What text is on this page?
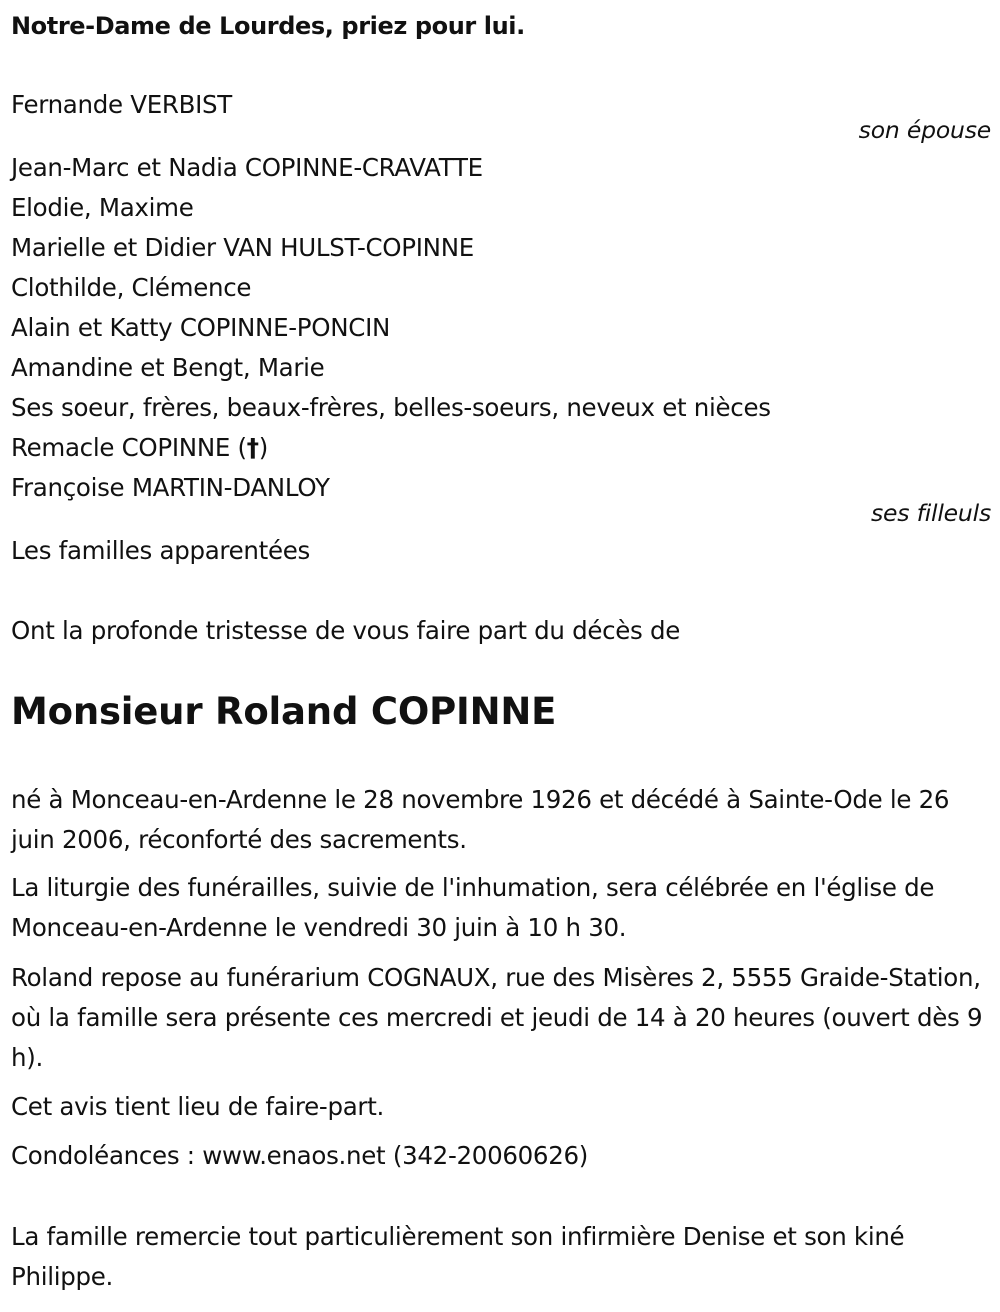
Notre-Dame de Lourdes, priez pour lui.
Fernande VERBIST
son épouse
Jean-Marc et Nadia COPINNE-CRAVATTE
Elodie, Maxime
Marielle et Didier VAN HULST-COPINNE
Clothilde, Clémence
Alain et Katty COPINNE-PONCIN
Amandine et Bengt, Marie
Ses soeur, frères, beaux-frères, belles-soeurs, neveux et nièces
Remacle COPINNE (†)
Françoise MARTIN-DANLOY
ses filleuls
Les familles apparentées
Ont la profonde tristesse de vous faire part du décès de
Monsieur Roland COPINNE
né à Monceau-en-Ardenne le 28 novembre 1926 et décédé à Sainte-Ode le 26 juin 2006, réconforté des sacrements.
La liturgie des funérailles, suivie de l'inhumation, sera célébrée en l'église de Monceau-en-Ardenne le vendredi 30 juin à 10 h 30.
Roland repose au funérarium COGNAUX, rue des Misères 2, 5555 Graide-Station, où la famille sera présente ces mercredi et jeudi de 14 à 20 heures (ouvert dès 9 h).
Cet avis tient lieu de faire-part.
Condoléances : www.enaos.net (342-20060626)
La famille remercie tout particulièrement son infirmière Denise et son kiné Philippe.
